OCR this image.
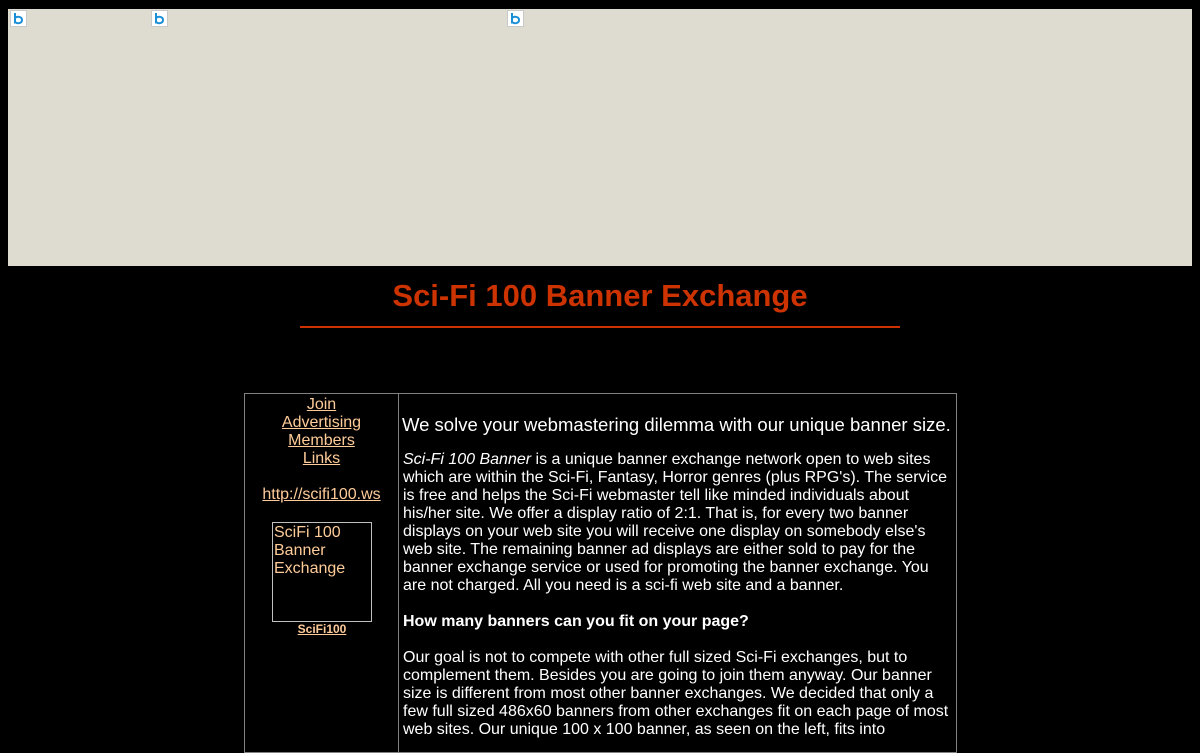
Sci-Fi 100 Banner Exchange
Join
Advertising
Members
Links
http://scifi100.ws
SciFi 100 Banner Exchange
SciFi100

We solve your webmastering dilemma with our unique banner size.

Sci-Fi 100 Banner is a unique banner exchange network open to web sites which are within the Sci-Fi, Fantasy, Horror genres (plus RPG's). The service is free and helps the Sci-Fi webmaster tell like minded individuals about his/her site. We offer a display ratio of 2:1. That is, for every two banner displays on your web site you will receive one display on somebody else's web site. The remaining banner ad displays are either sold to pay for the banner exchange service or used for promoting the banner exchange. You are not charged. All you need is a sci-fi web site and a banner.

How many banners can you fit on your page?

Our goal is not to compete with other full sized Sci-Fi exchanges, but to complement them. Besides you are going to join them anyway. Our banner size is different from most other banner exchanges. We decided that only a few full sized 486x60 banners from other exchanges fit on each page of most web sites. Our unique 100 x 100 banner, as seen on the left, fits into
